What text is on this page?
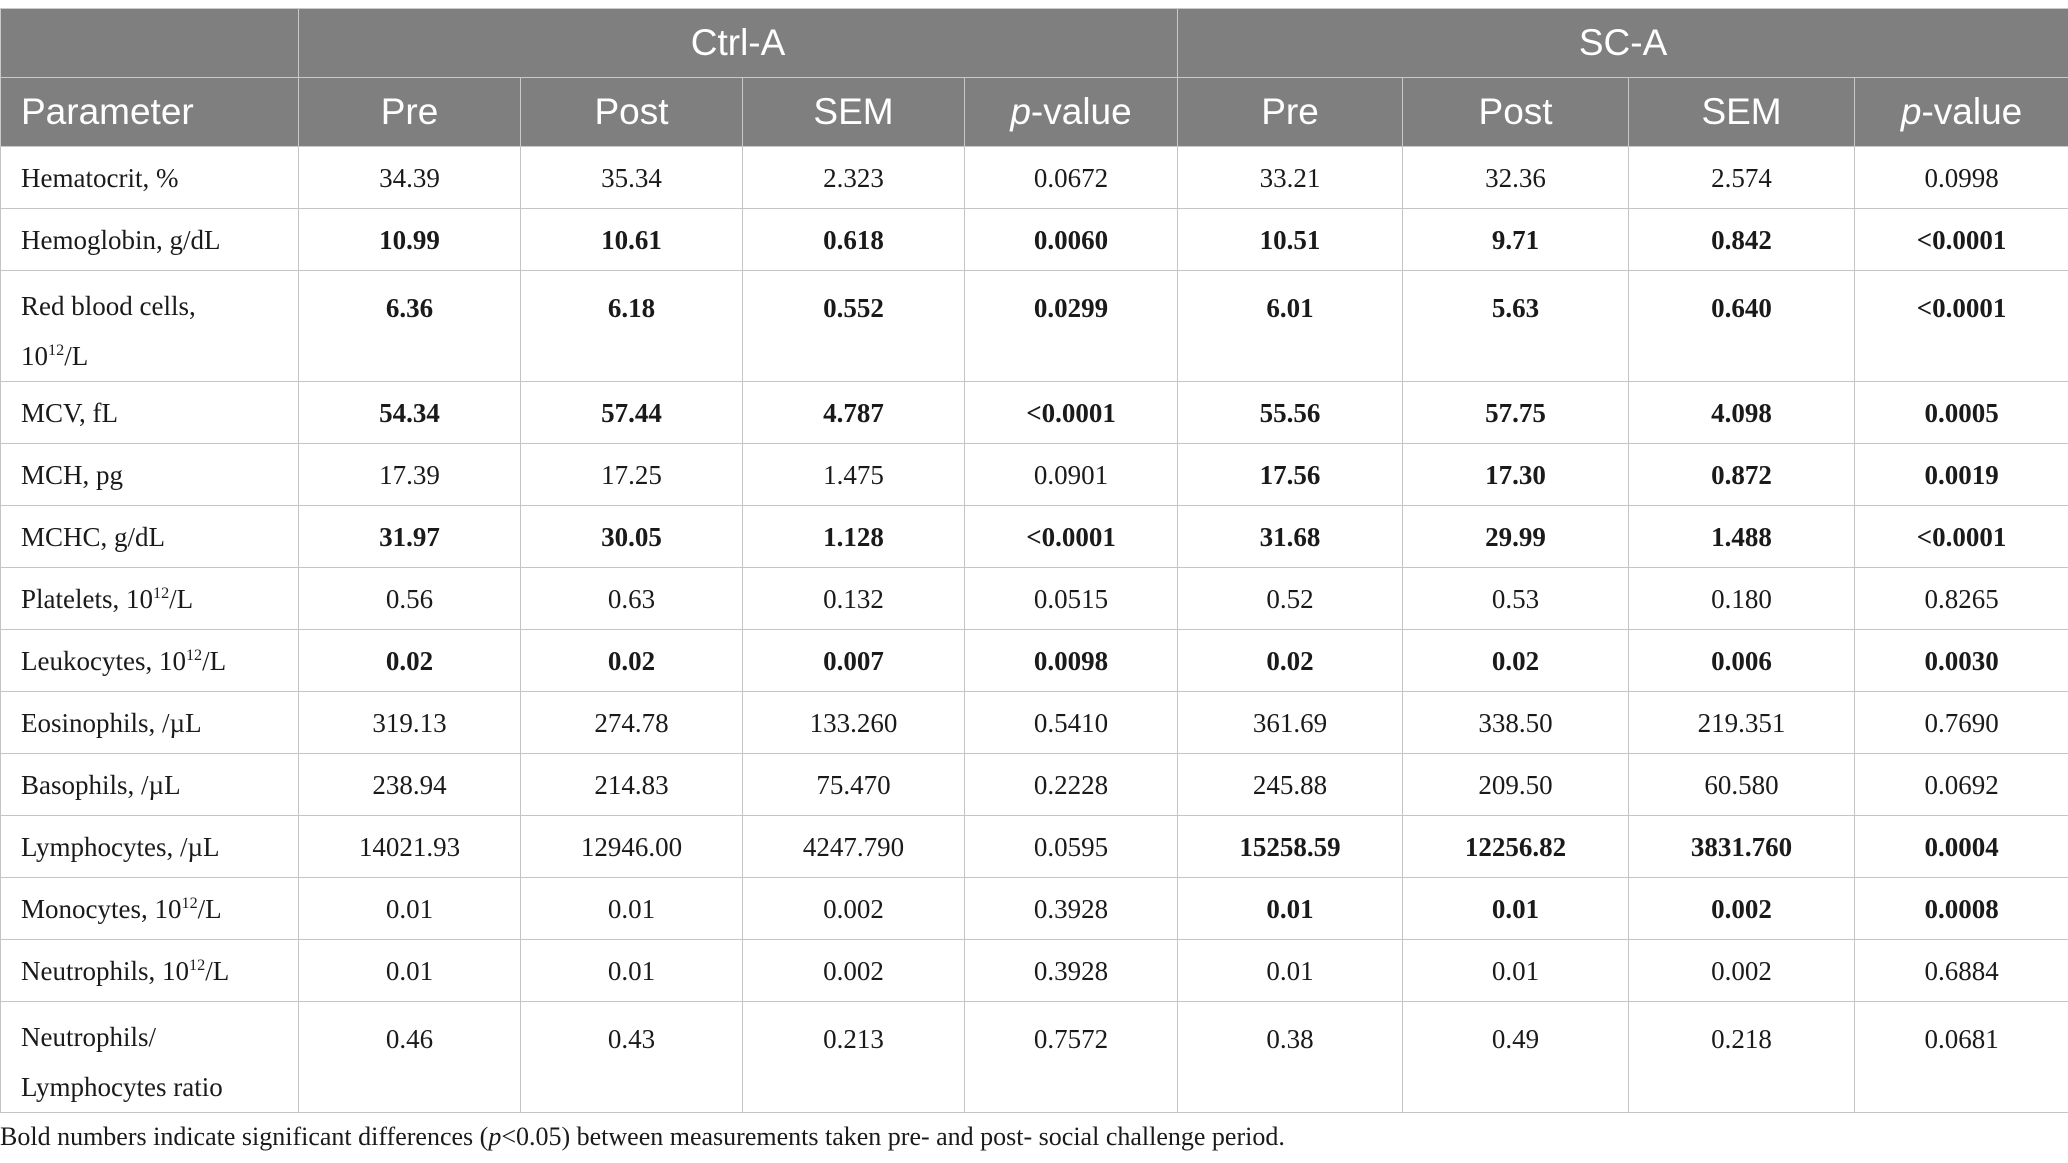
	Ctrl-A				SC-A			
Parameter	Pre	Post	SEM	p-value	Pre	Post	SEM	p-value
Hematocrit, %	34.39	35.34	2.323	0.0672	33.21	32.36	2.574	0.0998
Hemoglobin, g/dL	10.99	10.61	0.618	0.0060	10.51	9.71	0.842	<0.0001
Red blood cells,
$10^{12}/L$	6.36	6.18	0.552	0.0299	6.01	5.63	0.640	<0.0001
MCV, fL	54.34	57.44	4.787	<0.0001	55.56	57.75	4.098	0.0005
MCH, pg	17.39	17.25	1.475	0.0901	17.56	17.30	0.872	0.0019
MCHC, g/dL	31.97	30.05	1.128	<0.0001	31.68	29.99	1.488	<0.0001
Platelets, $10^{12}/L$	0.56	0.63	0.132	0.0515	0.52	0.53	0.180	0.8265
Leukocytes, $10^{12}/L$	0.02	0.02	0.007	0.0098	0.02	0.02	0.006	0.0030
Eosinophils, /µL	319.13	274.78	133.260	0.5410	361.69	338.50	219.351	0.7690
Basophils, /µL	238.94	214.83	75.470	0.2228	245.88	209.50	60.580	0.0692
Lymphocytes, /µL	14021.93	12946.00	4247.790	0.0595	15258.59	12256.82	3831.760	0.0004
Monocytes, $10^{12}/L$	0.01	0.01	0.002	0.3928	0.01	0.01	0.002	0.0008
Neutrophils, $10^{12}/L$	0.01	0.01	0.002	0.3928	0.01	0.01	0.002	0.6884
Neutrophils/
Lymphocytes ratio	0.46	0.43	0.213	0.7572	0.38	0.49	0.218	0.0681
Bold numbers indicate significant differences (p<0.05) between measurements taken pre- and post- social challenge period.
